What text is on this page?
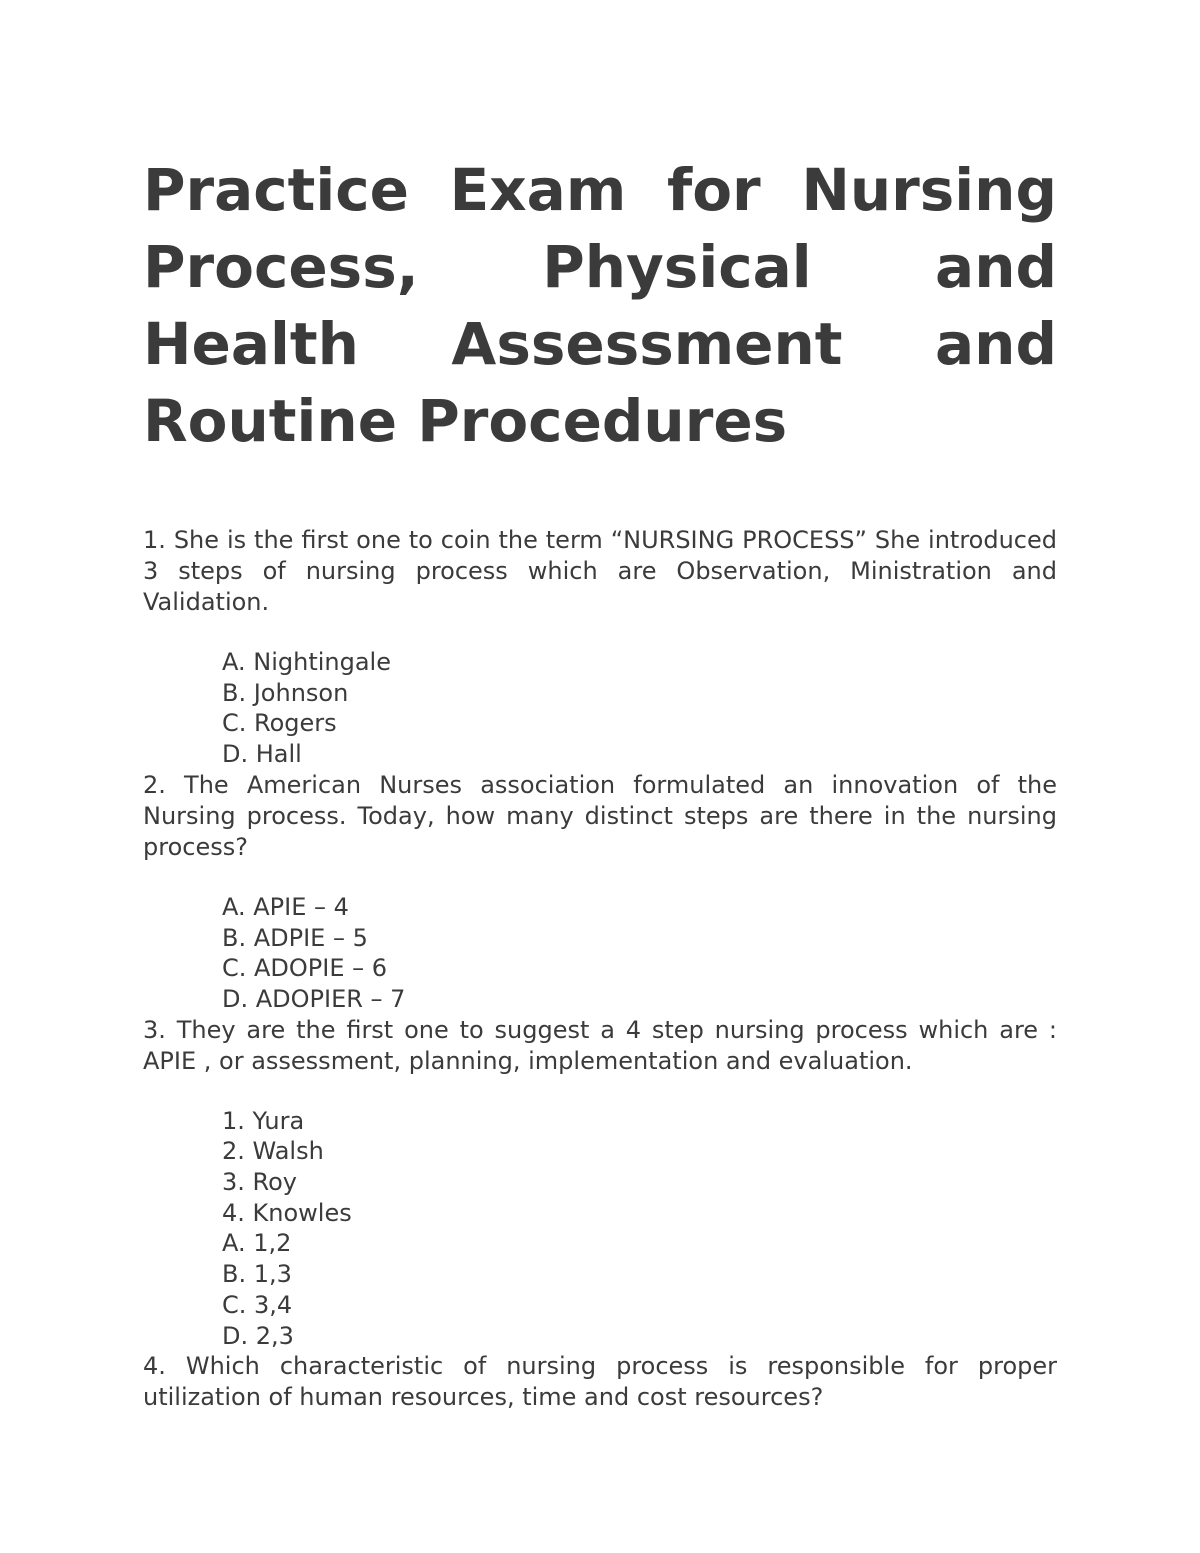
Practice Exam for Nursing Process, Physical and Health Assessment and Routine Procedures

1. She is the first one to coin the term “NURSING PROCESS” She introduced 3 steps of nursing process which are Observation, Ministration and Validation.

A. Nightingale
B. Johnson
C. Rogers
D. Hall

2. The American Nurses association formulated an innovation of the Nursing process. Today, how many distinct steps are there in the nursing process?

A. APIE – 4
B. ADPIE – 5
C. ADOPIE – 6
D. ADOPIER – 7

3. They are the first one to suggest a 4 step nursing process which are : APIE , or assessment, planning, implementation and evaluation.

1. Yura
2. Walsh
3. Roy
4. Knowles
A. 1,2
B. 1,3
C. 3,4
D. 2,3

4. Which characteristic of nursing process is responsible for proper utilization of human resources, time and cost resources?
